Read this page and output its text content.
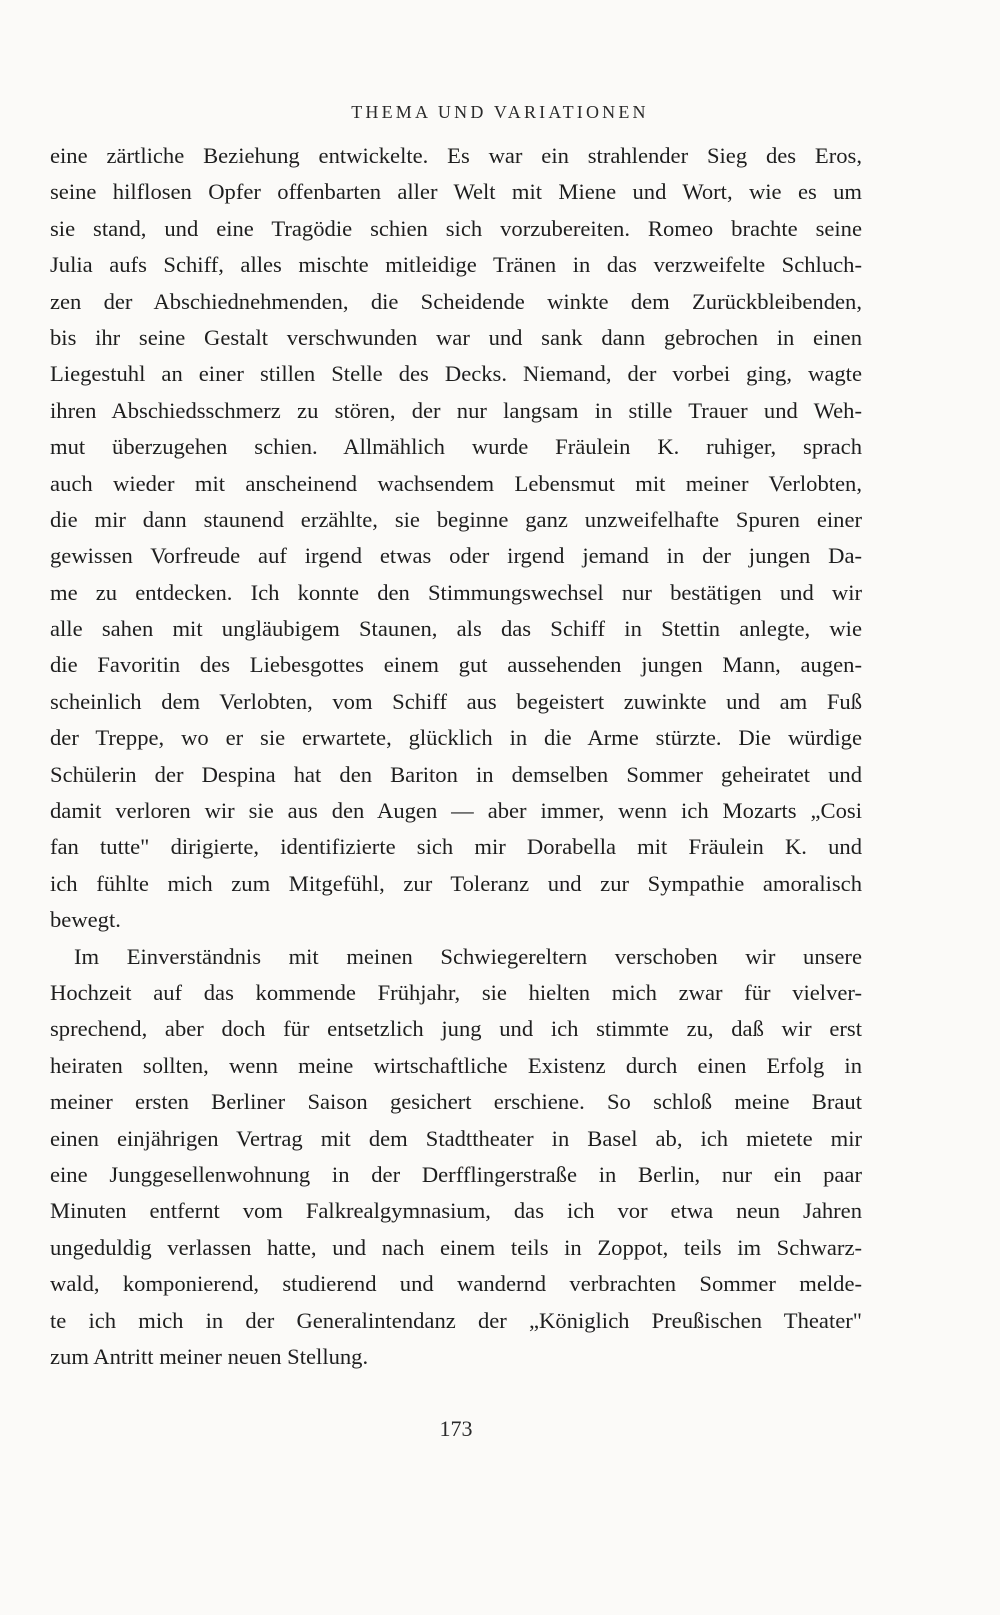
THEMA UND VARIATIONEN
eine zärtliche Beziehung entwickelte. Es war ein strahlender Sieg des Eros,
seine hilflosen Opfer offenbarten aller Welt mit Miene und Wort, wie es um
sie stand, und eine Tragödie schien sich vorzubereiten. Romeo brachte seine
Julia aufs Schiff, alles mischte mitleidige Tränen in das verzweifelte Schluch-
zen der Abschiednehmenden, die Scheidende winkte dem Zurückbleibenden,
bis ihr seine Gestalt verschwunden war und sank dann gebrochen in einen
Liegestuhl an einer stillen Stelle des Decks. Niemand, der vorbei ging, wagte
ihren Abschiedsschmerz zu stören, der nur langsam in stille Trauer und Weh-
mut überzugehen schien. Allmählich wurde Fräulein K. ruhiger, sprach
auch wieder mit anscheinend wachsendem Lebensmut mit meiner Verlobten,
die mir dann staunend erzählte, sie beginne ganz unzweifelhafte Spuren einer
gewissen Vorfreude auf irgend etwas oder irgend jemand in der jungen Da-
me zu entdecken. Ich konnte den Stimmungswechsel nur bestätigen und wir
alle sahen mit ungläubigem Staunen, als das Schiff in Stettin anlegte, wie
die Favoritin des Liebesgottes einem gut aussehenden jungen Mann, augen-
scheinlich dem Verlobten, vom Schiff aus begeistert zuwinkte und am Fuß
der Treppe, wo er sie erwartete, glücklich in die Arme stürzte. Die würdige
Schülerin der Despina hat den Bariton in demselben Sommer geheiratet und
damit verloren wir sie aus den Augen — aber immer, wenn ich Mozarts „Cosi
fan tutte" dirigierte, identifizierte sich mir Dorabella mit Fräulein K. und
ich fühlte mich zum Mitgefühl, zur Toleranz und zur Sympathie amoralisch
bewegt.
Im Einverständnis mit meinen Schwiegereltern verschoben wir unsere
Hochzeit auf das kommende Frühjahr, sie hielten mich zwar für vielver-
sprechend, aber doch für entsetzlich jung und ich stimmte zu, daß wir erst
heiraten sollten, wenn meine wirtschaftliche Existenz durch einen Erfolg in
meiner ersten Berliner Saison gesichert erschiene. So schloß meine Braut
einen einjährigen Vertrag mit dem Stadttheater in Basel ab, ich mietete mir
eine Junggesellenwohnung in der Derfflingerstraße in Berlin, nur ein paar
Minuten entfernt vom Falkrealgymnasium, das ich vor etwa neun Jahren
ungeduldig verlassen hatte, und nach einem teils in Zoppot, teils im Schwarz-
wald, komponierend, studierend und wandernd verbrachten Sommer melde-
te ich mich in der Generalintendanz der „Königlich Preußischen Theater"
zum Antritt meiner neuen Stellung.
173
